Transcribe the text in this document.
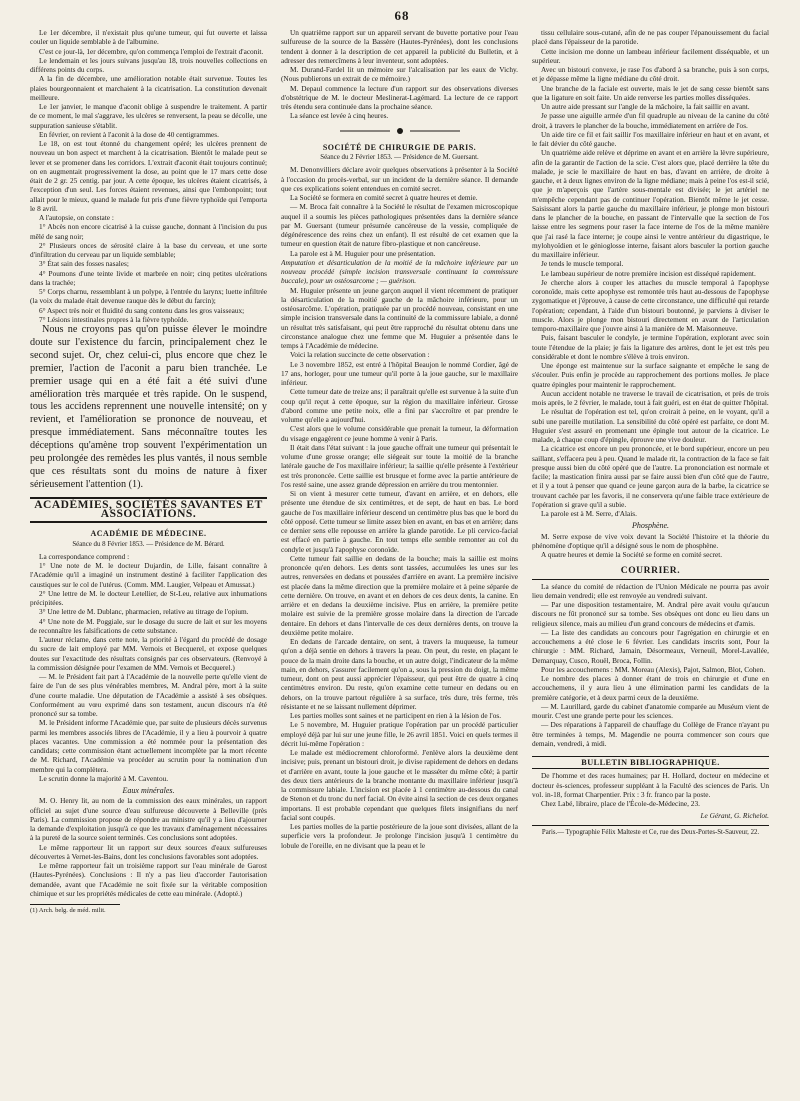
68

Le 1er décembre, il n'existait plus qu'une tumeur, qui fut ouverte et laissa couler un liquide semblable à de l'albumine.

C'est ce jour-là, 1er décembre, qu'on commença l'emploi de l'extrait d'aconit.

Le lendemain et les jours suivans jusqu'au 18, trois nouvelles collections en différens points du corps.

A la fin de décembre, une amélioration notable était survenue. Toutes les plaies bourgeonnaient et marchaient à la cicatrisation. La constitution devenait meilleure.

Le 1er janvier, le manque d'aconit oblige à suspendre le traitement. A partir de ce moment, le mal s'aggrave, les ulcères se renversent, la peau se décolle, une suppuration sanieuse s'établit.

En février, on revient à l'aconit à la dose de 40 centigrammes.

Le 18, on est tout étonné du changement opéré; les ulcères prennent de nouveau un bon aspect et marchent à la cicatrisation. Bientôt le malade peut se lever et se promener dans les corridors. L'extrait d'aconit était toujours continué; on en augmentait progressivement la dose, au point que le 17 mars cette dose était de 2 gr. 25 centig. par jour. A cette époque, les ulcères étaient cicatrisés, à l'exception d'un seul. Les forces étaient revenues, ainsi que l'embonpoint; tout allait pour le mieux, quand le malade fut pris d'une fièvre typhoïde qui l'emporta le 8 avril.

A l'autopsie, on constate :

1° Abcès non encore cicatrisé à la cuisse gauche, donnant à l'incision du pus mêlé de sang noir;

2° Plusieurs onces de sérosité claire à la base du cerveau, et une sorte d'infiltration du cerveau par un liquide semblable;

3° État sain des fosses nasales;

4° Poumons d'une teinte livide et marbrée en noir; cinq petites ulcérations dans la trachée;

5° Corps charnu, ressemblant à un polype, à l'entrée du larynx; luette infiltrée (la voix du malade était devenue rauque dès le début du farcin);

6° Aspect très noir et fluidité du sang contenu dans les gros vaisseaux;

7° Lésions intestinales propres à la fièvre typhoïde.

Nous ne croyons pas qu'on puisse élever le moindre doute sur l'existence du farcin, principalement chez le second sujet. Or, chez celui-ci, plus encore que chez le premier, l'action de l'aconit a paru bien tranchée. Le premier usage qui en a été fait a été suivi d'une amélioration très marquée et très rapide. On le suspend, tous les accidens reprennent une nouvelle intensité; on y revient, et l'amélioration se prononce de nouveau, et presque immédiatement. Sans méconnaître toutes les déceptions qu'amène trop souvent l'expérimentation un peu prolongée des remèdes les plus vantés, il nous semble que ces résultats sont du moins de nature à fixer sérieusement l'attention (1).

ACADÉMIES, SOCIÉTÉS SAVANTES ET ASSOCIATIONS.
ACADÉMIE DE MÉDECINE.

Séance du 8 Février 1853. — Présidence de M. Bérard.

La correspondance comprend :

1° Une note de M. le docteur Dujardin, de Lille, faisant connaître à l'Académie qu'il a imaginé un instrument destiné à faciliter l'application des caustiques sur le col de l'utérus. (Comm. MM. Laugier, Velpeau et Amussat.)

2° Une lettre de M. le docteur Letellier, de St-Leu, relative aux inhumations précipitées.

3° Une lettre de M. Dublanc, pharmacien, relative au titrage de l'opium.

4° Une note de M. Poggiale, sur le dosage du sucre de lait et sur les moyens de reconnaître les falsifications de cette substance.

L'auteur réclame, dans cette note, la priorité à l'égard du procédé de dosage du sucre de lait employé par MM. Vernois et Becquerel, et expose quelques doutes sur l'exactitude des résultats consignés par ces observateurs. (Renvoyé à la commission désignée pour l'examen de MM. Vernois et Becquerel.)

— M. le Président fait part à l'Académie de la nouvelle perte qu'elle vient de faire de l'un de ses plus vénérables membres, M. Andral père, mort à la suite d'une courte maladie. Une députation de l'Académie a assisté à ses obsèques. Conformément au vœu exprimé dans son testament, aucun discours n'a été prononcé sur sa tombe.

M. le Président informe l'Académie que, par suite de plusieurs décès survenus parmi les membres associés libres de l'Académie, il y a lieu à pourvoir à quatre places vacantes. Une commission a été nommée pour la présentation des candidats; cette commission étant actuellement incomplète par la mort récente de M. Richard, l'Académie va procéder au scrutin pour la nomination d'un membre qui la complètera.

Le scrutin donne la majorité à M. Caventou.

Eaux minérales.

M. O. Henry lit, au nom de la commission des eaux minérales, un rapport officiel au sujet d'une source d'eau sulfureuse découverte à Belleville (près Paris). La commission propose de répondre au ministre qu'il y a lieu d'ajourner la demande d'exploitation jusqu'à ce que les travaux d'aménagement nécessaires à la pureté de la source soient terminés. Ces conclusions sont adoptées.

Le même rapporteur lit un rapport sur deux sources d'eaux sulfureuses découvertes à Vernet-les-Bains, dont les conclusions favorables sont adoptées.

Le même rapporteur fait un troisième rapport sur l'eau minérale de Garost (Hautes-Pyrénées). Conclusions : Il n'y a pas lieu d'accorder l'autorisation demandée, avant que l'Académie ne soit fixée sur la véritable composition chimique et sur les propriétés médicales de cette eau minérale. (Adopté.)

(1) Arch. belg. de méd. milit.

Un quatrième rapport sur un appareil servant de buvette portative pour l'eau sulfureuse de la source de la Bassère (Hautes-Pyrénées), dont les conclusions tendent à donner à la description de cet appareil la publicité du Bulletin, et à adresser des remercîmens à leur inventeur, sont adoptées.

M. Durand-Fardel lit un mémoire sur l'alcalisation par les eaux de Vichy. (Nous publierons un extrait de ce mémoire.)

M. Depaul commence la lecture d'un rapport sur des observations diverses d'obstétrique de M. le docteur Meslinerat-Lagémard. La lecture de ce rapport très étendu sera continuée dans la prochaine séance.

La séance est levée à cinq heures.

SOCIÉTÉ DE CHIRURGIE DE PARIS.

Séance du 2 Février 1853. — Présidence de M. Guersant.

M. Denonvilliers déclare avoir quelques observations à présenter à la Société à l'occasion du procès-verbal, sur un incident de la dernière séance. Il demande que ces explications soient entendues en comité secret.

La Société se formera en comité secret à quatre heures et demie.

— M. Broca fait connaître à la Société le résultat de l'examen microscopique auquel il a soumis les pièces pathologiques présentées dans la dernière séance par M. Guersant (tumeur présumée cancéreuse de la vessie, compliquée de dégénérescence des reins chez un enfant). Il est résulté de cet examen que la tumeur en question était de nature fibro-plastique et non cancéreuse.

La parole est à M. Huguier pour une présentation.

Amputation et désarticulation de la moitié de la mâchoire inférieure par un nouveau procédé (simple incision transversale continuant la commissure buccale), pour un ostéosarcome ; — guérison.

M. Huguier présente un jeune garçon auquel il vient récemment de pratiquer la désarticulation de la moitié gauche de la mâchoire inférieure, pour un ostéosarcôme. L'opération, pratiquée par un procédé nouveau, consistant en une simple incision transversale dans la continuité de la commissure labiale, a donné un résultat très satisfaisant, qui peut être rapproché du résultat obtenu dans une circonstance analogue chez une femme que M. Huguier a présentée dans le temps à l'Académie de médecine.

Voici la relation succincte de cette observation :

Le 3 novembre 1852, est entré à l'hôpital Beaujon le nommé Cordier, âgé de 17 ans, horloger, pour une tumeur qu'il porte à la joue gauche, sur le maxillaire inférieur.

Cette tumeur date de treize ans; il paraîtrait qu'elle est survenue à la suite d'un coup qu'il reçut à cette époque, sur la région du maxillaire inférieur. Grosse d'abord comme une petite noix, elle a fini par s'accroître et par prendre le volume qu'elle a aujourd'hui.

C'est alors que le volume considérable que prenait la tumeur, la déformation du visage engagèrent ce jeune homme à venir à Paris.

Il était dans l'état suivant : la joue gauche offrait une tumeur qui présentait le volume d'une grosse orange; elle siégeait sur toute la moitié de la branche latérale gauche de l'os maxillaire inférieur; la saillie qu'elle présente à l'extérieur est très prononcée. Cette saillie est brusque et forme avec la partie antérieure de l'os resté saine, une assez grande dépression en arrière du trou mentonnier.

Si on vient à mesurer cette tumeur, d'avant en arrière, et en dehors, elle présente une étendue de six centimètres, et de sept, de haut en bas. Le bord gauche de l'os maxillaire inférieur descend un centimètre plus bas que le bord du côté opposé. Cette tumeur se limite assez bien en avant, en bas et en arrière; dans ce dernier sens elle repousse en arrière la glande parotide. Le pli cervico-facial est effacé en partie à gauche. En tout temps elle semble remonter au col du condyle et jusqu'à l'apophyse coronoïde.

Cette tumeur fait saillie en dedans de la bouche; mais la saillie est moins prononcée qu'en dehors. Les dents sont tassées, accumulées les unes sur les autres, renversées en dedans et poussées d'arrière en avant. La première incisive est placée dans la même direction que la première molaire et à peine séparée de cette dernière. On trouve, en avant et en dehors de ces deux dents, la canine. En arrière et en dedans la deuxième incisive. Plus en arrière, la première petite molaire est suivie de la première grosse molaire dans la direction de l'arcade dentaire. En dehors et dans l'intervalle de ces deux dernières dents, on trouve la deuxième petite molaire.

En dedans de l'arcade dentaire, on sent, à travers la muqueuse, la tumeur qu'on a déjà sentie en dehors à travers la peau. On peut, du reste, en plaçant le pouce de la main droite dans la bouche, et un autre doigt, l'indicateur de la même main, en dehors, s'assurer facilement qu'on a, sous la pression du doigt, la même tumeur, dont on peut aussi apprécier l'épaisseur, qui peut être de quatre à cinq centimètres environ. Du reste, qu'on examine cette tumeur en dedans ou en dehors, on la trouve partout régulière à sa surface, très dure, très ferme, très résistante et ne se laissant nullement déprimer.

Les parties molles sont saines et ne participent en rien à la lésion de l'os.

Le 5 novembre, M. Huguier pratique l'opération par un procédé particulier employé déjà par lui sur une jeune fille, le 26 avril 1851. Voici en quels termes il décrit lui-même l'opération :

Le malade est médiocrement chloroformé. J'enlève alors la deuxième dent incisive; puis, prenant un bistouri droit, je divise rapidement de dehors en dedans et d'arrière en avant, toute la joue gauche et le masséter du même côté; à partir des deux tiers antérieurs de la branche montante du maxillaire inférieur jusqu'à la commissure labiale. L'incision est placée à 1 centimètre au-dessous du canal de Stenon et du tronc du nerf facial. On évite ainsi la section de ces deux organes importans. Il est probable cependant que quelques filets insignifians du nerf facial sont coupés.

Les parties molles de la partie postérieure de la joue sont divisées, allant de la superficie vers la profondeur. Je prolonge l'incision jusqu'à 1 centimètre du lobule de l'oreille, en ne divisant que la peau et le

tissu cellulaire sous-cutané, afin de ne pas couper l'épanouissement du facial placé dans l'épaisseur de la parotide.

Cette incision me donne un lambeau inférieur facilement disséquable, et un supérieur.

Avec un bistouri convexe, je rase l'os d'abord à sa branche, puis à son corps, et je dépasse même la ligne médiane du côté droit.

Une branche de la faciale est ouverte, mais le jet de sang cesse bientôt sans que la ligature en soit faite. Un aide renverse les parties molles disséquées.

Un autre aide pressant sur l'angle de la mâchoire, la fait saillir en avant.

Je passe une aiguille armée d'un fil quadruple au niveau de la canine du côté droit, à travers le plancher de la bouche, immédiatement en arrière de l'os.

Un aide tire ce fil et fait saillir l'os maxillaire inférieur en haut et en avant, et le fait dévier du côté gauche.

Un quatrième aide relève et déprime en avant et en arrière la lèvre supérieure, afin de la garantir de l'action de la scie. C'est alors que, placé derrière la tête du malade, je scie le maxillaire de haut en bas, d'avant en arrière, de droite à gauche, et à deux lignes environ de la ligne médiane; mais à peine l'os est-il scié, que je m'aperçois que l'artère sous-mentale est divisée; le jet artériel ne m'empêche cependant pas de continuer l'opération. Bientôt même le jet cesse. Saisissant alors la partie gauche du maxillaire inférieur, je plonge mon bistouri dans le plancher de la bouche, en passant de l'intervalle que la section de l'os laisse entre les segmens pour raser la face interne de l'os de la même manière que j'ai rasé la face interne; je coupe ainsi le ventre antérieur du digastrique, le mylohyoïdien et le génioglosse interne, faisant alors basculer la portion gauche du maxillaire inférieur.

Je tends le muscle temporal.

Le lambeau supérieur de notre première incision est disséqué rapidement.

Je cherche alors à couper les attaches du muscle temporal à l'apophyse coronoïde, mais cette apophyse est remontée très haut au-dessous de l'apophyse zygomatique et j'éprouve, à cause de cette circonstance, une difficulté qui retarde l'opération; cependant, à l'aide d'un bistouri boutonné, je parviens à diviser le muscle. Alors je plonge mon bistouri directement en avant de l'articulation temporo-maxillaire que j'ouvre ainsi à la manière de M. Maisonneuve.

Puis, faisant basculer le condyle, je termine l'opération, explorant avec soin toute l'étendue de la plaie; je fais la ligature des artères, dont le jet est très peu considérable et dont le nombre s'élève à trois environ.

Une éponge est maintenue sur la surface saignante et empêche le sang de s'écouler. Puis enfin je procède au rapprochement des portions molles. Je place quatre épingles pour maintenir le rapprochement.

Aucun accident notable ne traverse le travail de cicatrisation, et près de trois mois après, le 2 février, le malade, tout à fait guéri, est en état de quitter l'hôpital.

Le résultat de l'opération est tel, qu'on croirait à peine, en le voyant, qu'il a subi une pareille mutilation. La sensibilité du côté opéré est parfaite, ce dont M. Huguier s'est assuré en promenant une épingle tout autour de la cicatrice. Le malade, à chaque coup d'épingle, éprouve une vive douleur.

La cicatrice est encore un peu prononcée, et le bord supérieur, encore un peu saillant, s'effacera peu à peu. Quand le malade rit, la contraction de la face se fait presque aussi bien du côté opéré que de l'autre. La prononciation est normale et facile; la mastication finira aussi par se faire aussi bien d'un côté que de l'autre, et il y a tout à penser que quand ce jeune garçon aura de la barbe, la cicatrice se trouvant cachée par les favoris, il ne conservera qu'une faible trace extérieure de l'opération si grave qu'il a subie.

La parole est à M. Serre, d'Alais.

Phosphène.

M. Serre expose de vive voix devant la Société l'histoire et la théorie du phénomène d'optique qu'il a désigné sous le nom de phosphène.

A quatre heures et demie la Société se forme en comité secret.

COURRIER.

La séance du comité de rédaction de l'Union Médicale ne pourra pas avoir lieu demain vendredi; elle est renvoyée au vendredi suivant.

— Par une disposition testamentaire, M. Andral père avait voulu qu'aucun discours ne fût prononcé sur sa tombe. Ses obsèques ont donc eu lieu dans un religieux silence, mais au milieu d'un grand concours de médecins et d'amis.

— La liste des candidats au concours pour l'agrégation en chirurgie et en accouchemens a été close le 6 février. Les candidats inscrits sont, Pour la chirurgie : MM. Richard, Jamain, Désormeaux, Verneuil, Morel-Lavallée, Demarquay, Cusco, Rouël, Broca, Follin.

Pour les accouchemens : MM. Moreau (Alexis), Pajot, Salmon, Blot, Cohen.

Le nombre des places à donner étant de trois en chirurgie et d'une en accouchemens, il y aura lieu à une élimination parmi les candidats de la première catégorie, et à deux parmi ceux de la deuxième.

— M. Laurillard, garde du cabinet d'anatomie comparée au Muséum vient de mourir. C'est une grande perte pour les sciences.

— Des réparations à l'appareil de chauffage du Collège de France n'ayant pu être terminées à temps, M. Magendie ne pourra commencer son cours que demain, vendredi, à midi.

BULLETIN BIBLIOGRAPHIQUE.

De l'homme et des races humaines; par H. Hollard, docteur en médecine et docteur ès-sciences, professeur suppléant à la Faculté des sciences de Paris. Un vol. in-18, format Charpentier. Prix : 3 fr. franco par la poste.

Chez Labé, libraire, place de l'École-de-Médecine, 23.

Le Gérant, G. Richelot.

Paris.— Typographie Félix Malteste et Ce, rue des Deux-Portes-St-Sauveur, 22.
